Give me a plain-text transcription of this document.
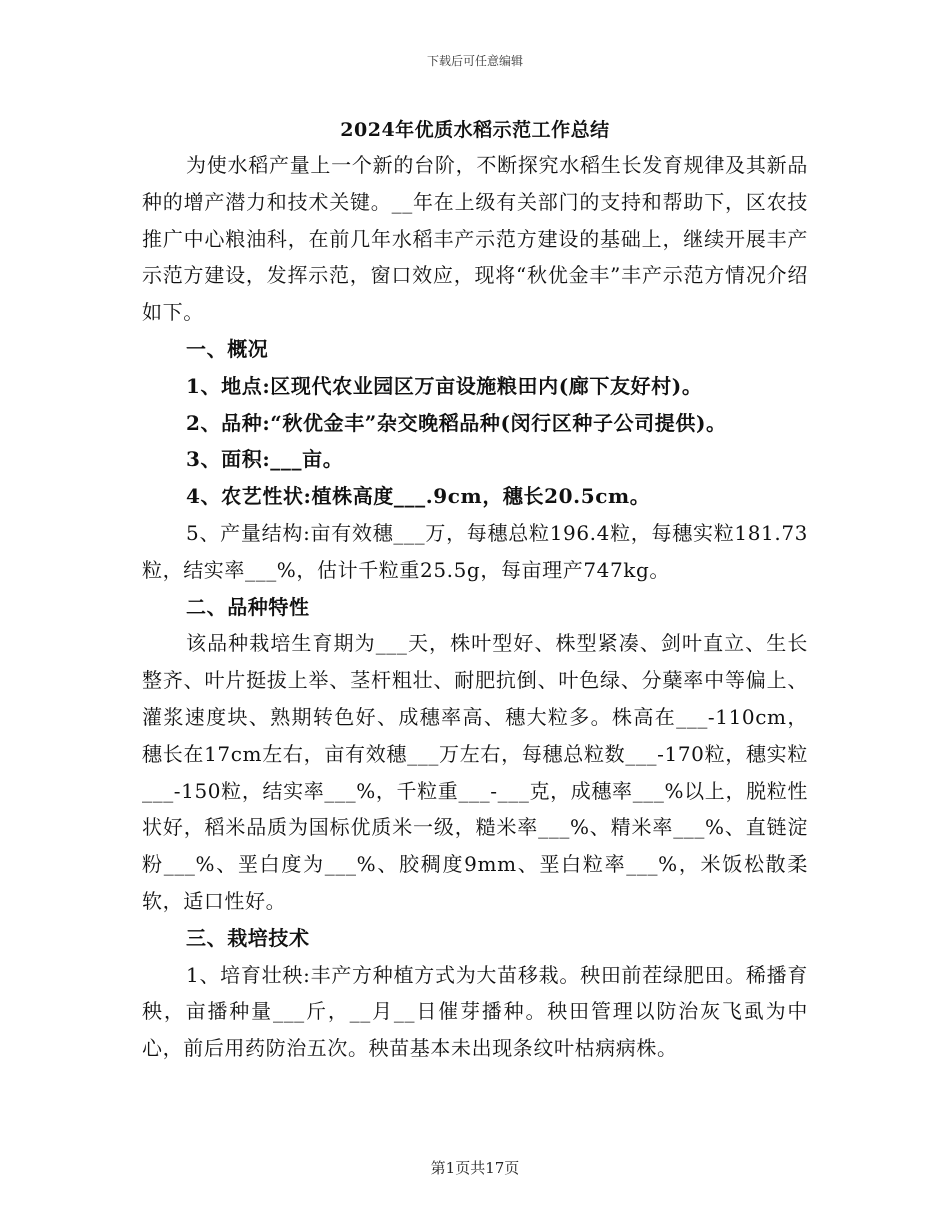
下载后可任意编辑
2024年优质水稻示范工作总结

为使水稻产量上一个新的台阶，不断探究水稻生长发育规律及其新品种的增产潜力和技术关键。__年在上级有关部门的支持和帮助下，区农技推广中心粮油科，在前几年水稻丰产示范方建设的基础上，继续开展丰产示范方建设，发挥示范，窗口效应，现将“秋优金丰”丰产示范方情况介绍如下。

一、概况

1、地点:区现代农业园区万亩设施粮田内(廊下友好村)。

2、品种:“秋优金丰”杂交晚稻品种(闵行区种子公司提供)。

3、面积:___亩。

4、农艺性状:植株高度___.9cm，穗长20.5cm。

5、产量结构:亩有效穗___万，每穗总粒196.4粒，每穗实粒181.73粒，结实率___%，估计千粒重25.5g，每亩理产747kg。

二、品种特性

该品种栽培生育期为___天，株叶型好、株型紧凑、剑叶直立、生长整齐、叶片挺拔上举、茎杆粗壮、耐肥抗倒、叶色绿、分蘖率中等偏上、灌浆速度块、熟期转色好、成穗率高、穗大粒多。株高在___-110cm，穗长在17cm左右，亩有效穗___万左右，每穗总粒数___-170粒，穗实粒___-150粒，结实率___%，千粒重___-___克，成穗率___%以上，脱粒性状好，稻米品质为国标优质米一级，糙米率___%、精米率___%、直链淀粉___%、垩白度为___%、胶稠度9mm、垩白粒率___%，米饭松散柔软，适口性好。

三、栽培技术

1、培育壮秧:丰产方种植方式为大苗移栽。秧田前茬绿肥田。稀播育秧，亩播种量___斤，__月__日催芽播种。秧田管理以防治灰飞虱为中心，前后用药防治五次。秧苗基本未出现条纹叶枯病病株。

第1页共17页
